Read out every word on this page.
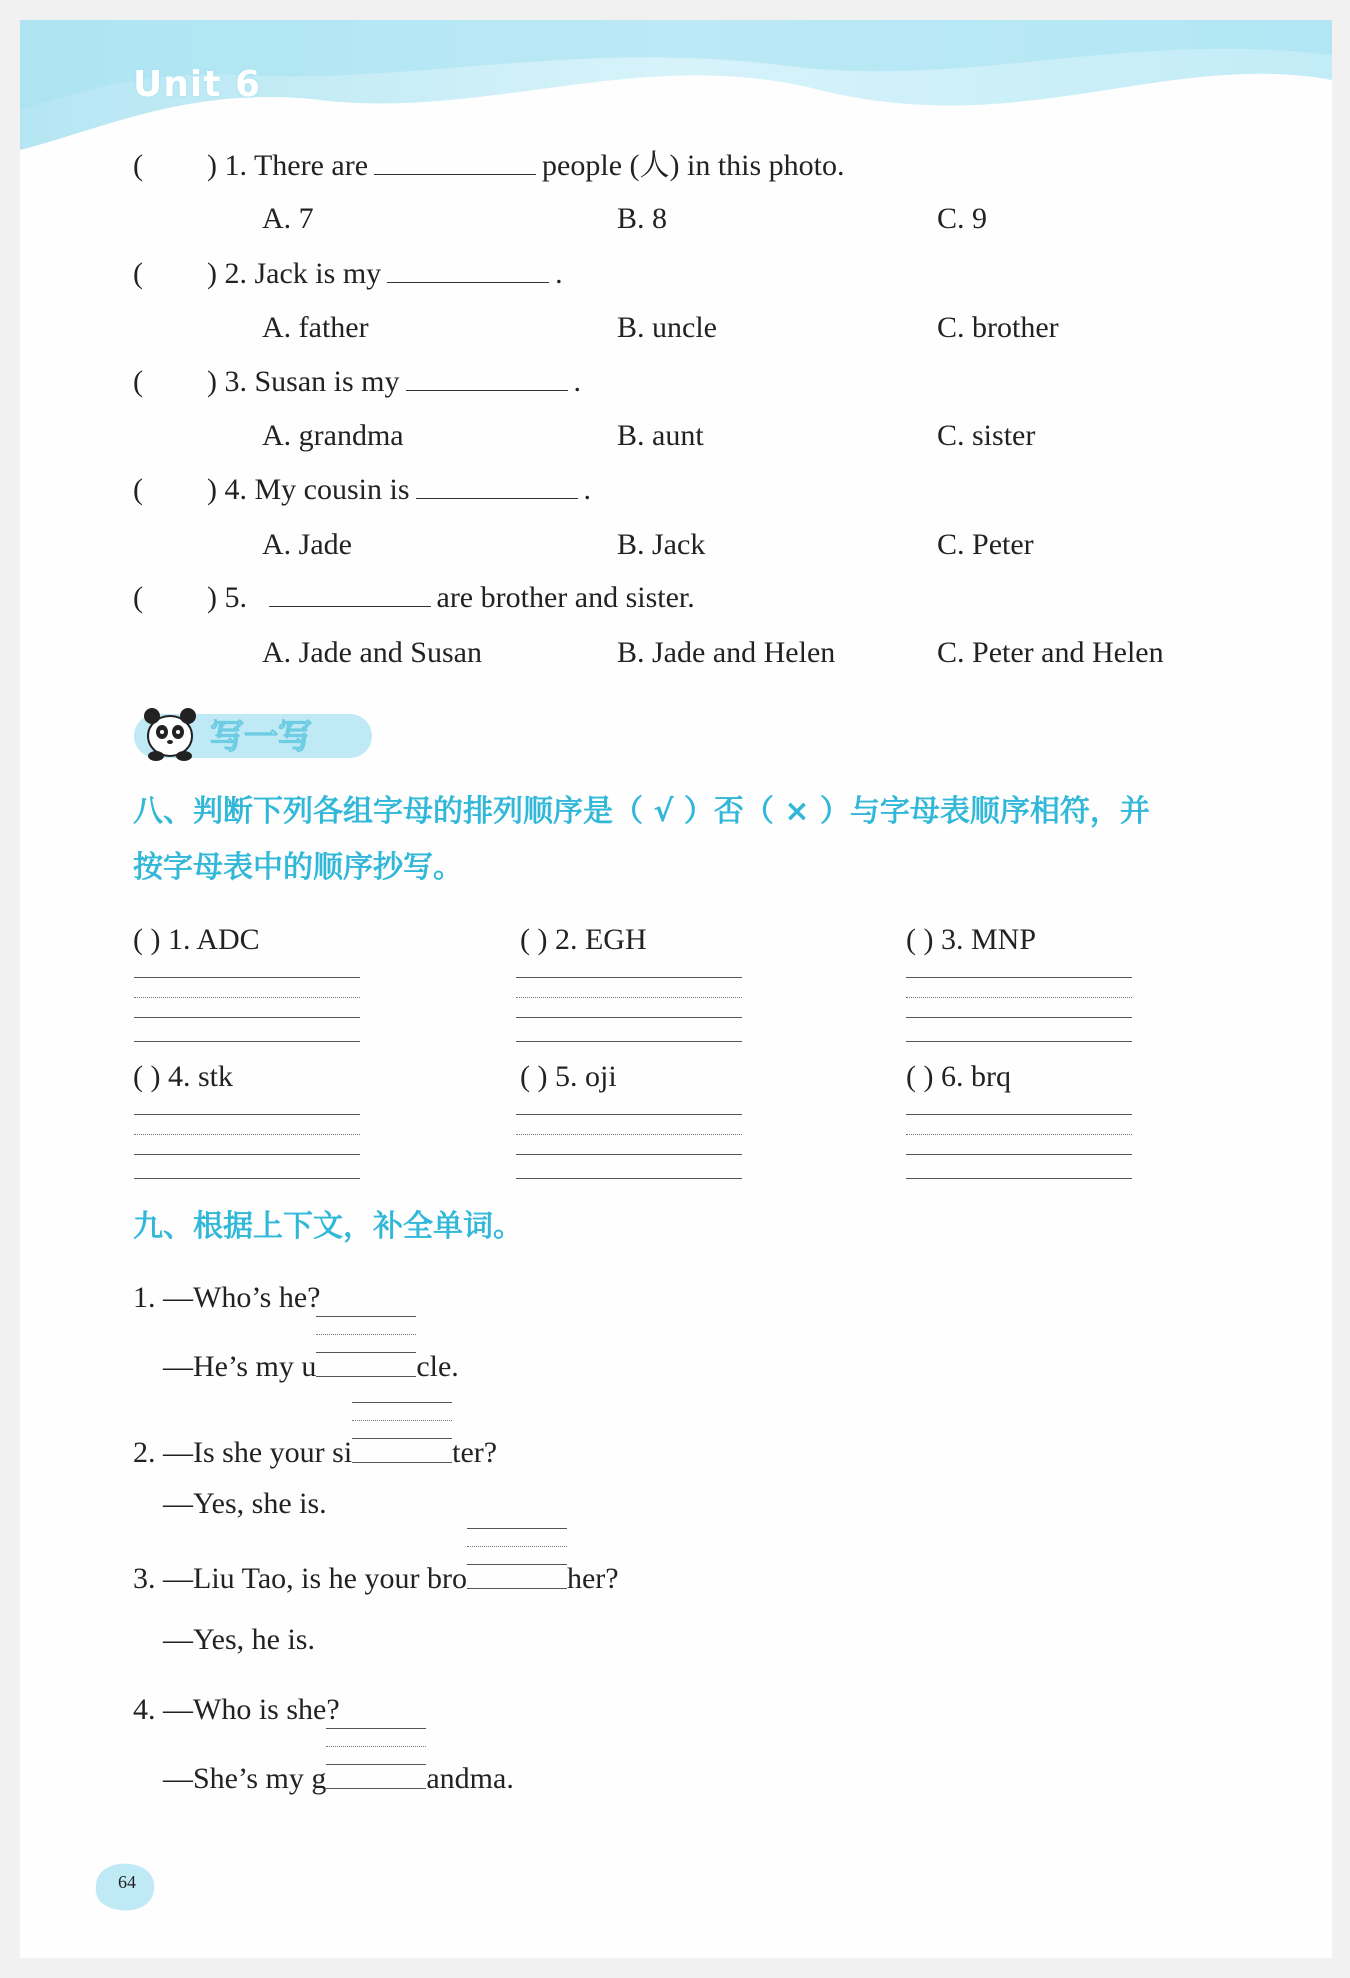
Unit 6
( ) 1. There are	people (人) in this photo.
A. 7	B. 8	C. 9
( ) 2. Jack is my	.
A. father	B. uncle	C. brother
( ) 3. Susan is my	.
A. grandma	B. aunt	C. sister
( ) 4. My cousin is	.
A. Jade	B. Jack	C. Peter
( ) 5.	are brother and sister.
A. Jade and Susan	B. Jade and Helen	C. Peter and Helen
写一写
八、判断下列各组字母的排列顺序是（ √ ）否（ × ）与字母表顺序相符，并
按字母表中的顺序抄写。
( ) 1. ADC	( ) 2. EGH	( ) 3. MNP
( ) 4. stk	( ) 5. oji	( ) 6. brq
九、根据上下文，补全单词。
1. —Who’s he?
—He’s my u	cle.
2. —Is she your si	ter?
—Yes, she is.
3. —Liu Tao, is he your bro	her?
—Yes, he is.
4. —Who is she?
—She’s my g	andma.
64
